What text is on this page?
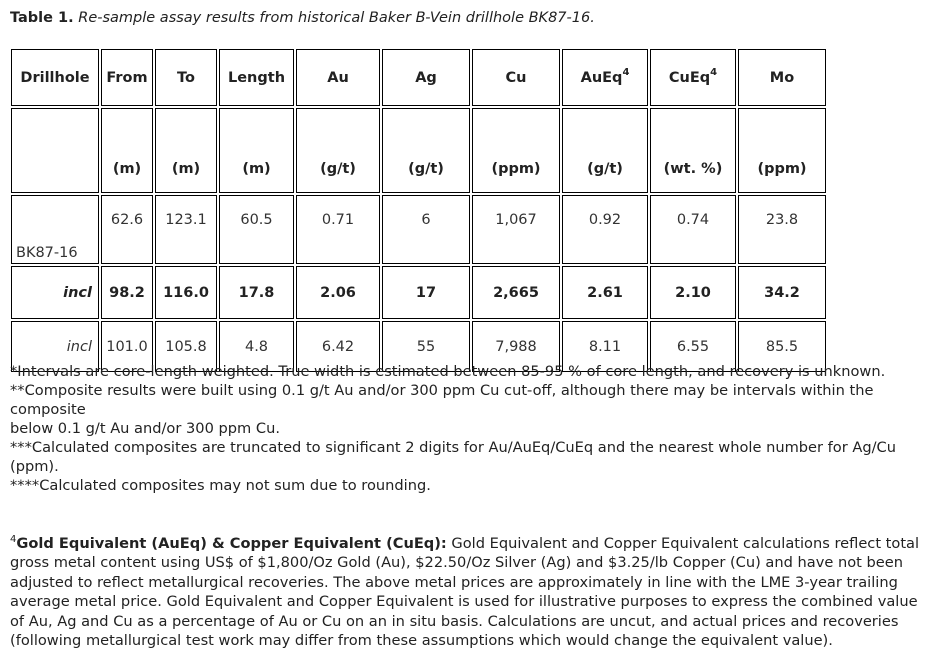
Table 1. Re-sample assay results from historical Baker B-Vein drillhole BK87-16.
Drillhole	From	To	Length	Au	Ag	Cu	AuEq$^4$	CuEq$^4$	Mo
	(m)	(m)	(m)	(g/t)	(g/t)	(ppm)	(g/t)	(wt. %)	(ppm)
BK87-16	62.6	123.1	60.5	0.71	6	1,067	0.92	0.74	23.8
incl	98.2	116.0	17.8	2.06	17	2,665	2.61	2.10	34.2
incl	101.0	105.8	4.8	6.42	55	7,988	8.11	6.55	85.5

*Intervals are core-length weighted. True width is estimated between 85-95 % of core length, and recovery is unknown.

**Composite results were built using 0.1 g/t Au and/or 300 ppm Cu cut-off, although there may be intervals within the composite

below 0.1 g/t Au and/or 300 ppm Cu.

***Calculated composites are truncated to significant 2 digits for Au/AuEq/CuEq and the nearest whole number for Ag/Cu (ppm).

****Calculated composites may not sum due to rounding.

$^4$Gold Equivalent (AuEq) & Copper Equivalent (CuEq): Gold Equivalent and Copper Equivalent calculations reflect total gross metal content using US$ of $1,800/Oz Gold (Au), $22.50/Oz Silver (Ag) and $3.25/lb Copper (Cu) and have not been adjusted to reflect metallurgical recoveries. The above metal prices are approximately in line with the LME 3-year trailing average metal price. Gold Equivalent and Copper Equivalent is used for illustrative purposes to express the combined value of Au, Ag and Cu as a percentage of Au or Cu on an in situ basis. Calculations are uncut, and actual prices and recoveries (following metallurgical test work may differ from these assumptions which would change the equivalent value).
